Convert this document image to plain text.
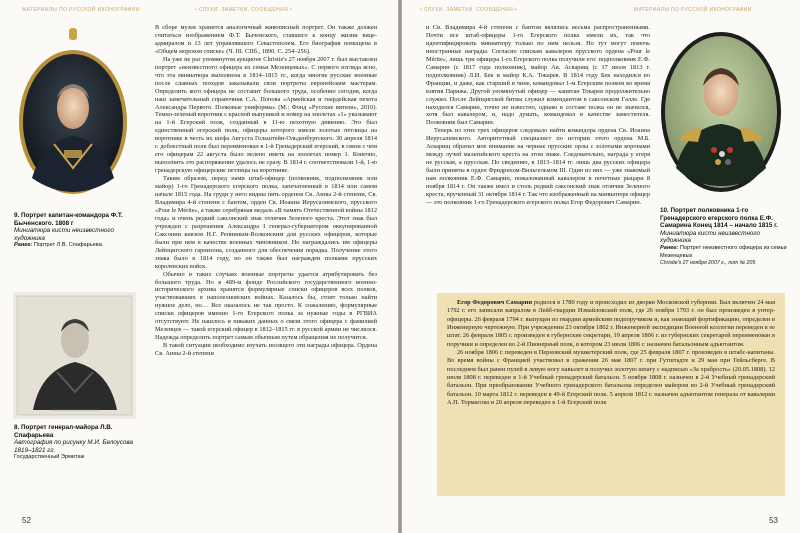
МАТЕРИАЛЫ ПО РУССКОЙ ИКОНОГРАФИИ	• СЛУХИ, ЗАМЕТКИ, СООБЩЕНИЯ •
9. Портрет капитан-командора Ф.Т. Быченского. 1808 г
Миниатюра кисти неизвестного художника
Ранее: Портрет Л.В. Спафарьева.
8. Портрет генерал-майора Л.В. Спафарьева
Автография по рисунку М.И. Белоусова 1819–1821 гг.
Государственный Эрмитаж

В сборе музея хранится аналогичный живописный портрет. Он также должен считаться изображением Ф.Т. Быченского, ставшего к концу жизни вице-адмиралом и 13 лет управлявшего Севастополем. Его биография помещена в «Общем морском списке» (Ч. III. СПб., 1890. С. 254–256).

На уже не раз упомянутом аукционе Christie's 27 ноября 2007 г. был выставлен портрет «неизвестного офицера из семьи Мезенцевых». С первого взгляда ясно, что эта миниатюра выполнена в 1814–1815 гг., когда многие русские военные после славных походов заказывали свои портреты европейским мастерам. Определить кого офицера не составит большого труда, особенно сегодня, когда наш замечательный справочник С.А. Попова «Армейская и гвардейская пехота Александра Первого. Полковые униформы» (М.: Фонд «Русские витязи», 2010). Темно-зеленый воротник с красной выпушкой и номер на эполетах «1» указывают на 1-й Егерский полк, созданный в 11-ю пехотную дивизию. Это был единственный егерский полк, офицеры которого имели золотые петлицы на воротнике в честь их шефа Августа Гольштейн-Ольденбургского. 30 апреля 1814 г. доблестный полк был переименован в 1-й Гренадерский егерский, в связи с чем его офицерам 22 августа было велено иметь на эполетах номер 1. Конечно, выполнить это распоряжение удалось не сразу. В 1814 г. соответствовали 1-й, 1-ю гренадерскую офицерские петлицы на воротнике.

Таким образом, перед нами штаб-офицер (полковник, подполковник или майор) 1-го Гренадерского егерского полка, запечатленный в 1814 или самом начале 1815 года. На груди у него видны пять орденов Св. Анны 2-й степени, Св. Владимира 4-й степени с бантом, орден Св. Иоанна Иерусалимского, прусского «Pour le Mérite», а также серебряная медаль «В память Отечественной войны 1812 года» и очень редкий саксонский знак отличия Зеленого креста. Этот знак был учрежден с разрешения Александра I генерал-губернатором оккупированной Саксонии князем Н.Г. Репниным-Волконским для русских офицеров, которые были при нем в качестве военных чиновников. Но награждались им офицеры Лейпцигского гарнизона, созданного для обеспечения порядка. Получение этого знака было в 1814 году, но он также был награжден полками прусских королевских войск.

Обычно в таких случаях военные портреты удается атрибутировать без большого труда. Но в 489-м фонде Российского государственного военно-исторического архива хранятся формулярные списки офицеров всех полков, участвовавших в наполеоновских войнах. Казалось бы, стоит только найти нужное дело, но… Все оказалось не так просто. К сожалению, формулярные списки офицеров именно 1-го Егерского полка за нужные годы в РГВИА отсутствуют. Не нашлось и никаких данных о связи этого офицера с фамилией Мезенцев — такой егерский офицер в 1812–1815 гг. в русской армии не числился. Надежда определить портрет самым обычным путем обращения не получится.

В такой ситуации необходимо изучать носящего эти награды офицера. Ордена Св. Анны 2-й степени

52
• СЛУХИ, ЗАМЕТКИ, СООБЩЕНИЯ •	МАТЕРИАЛЫ ПО РУССКОЙ ИКОНОГРАФИИ

и Св. Владимира 4-й степени с бантом являлись весьма распространенными. Почти все штаб-офицеры 1-го Егерского полка имели их, так что идентифицировать миниатюру только по ним нельзя. Но тут могут помочь иностранные награды. Согласно спискам кавалеров прусского ордена «Pour le Mérite», лишь три офицера 1-го Егерского полка получили его: подполковник Е.Ф. Самарин (с 1817 года полковник), майор Ав. Асварищ (с 17 июля 1813 г. подполковник) Л.И. Бек и майор К.А. Токарев. В 1814 году Бек находился во Франции, и даже, как старший в чине, командовал 1-м Егерским полком во время взятия Парижа. Другой упомянутый офицер — капитан Токарев продолжительно служил. После Лейпцигской битвы служил комендантом в саксонском Галле. Где находился Самарин, точно не известно, однако в составе полка он не значился, хотя был кавалером, и, надо думать, командовал в качестве заместителя. Полковник был Самарин.

Теперь из этих трех офицеров следовало найти командора ордена Св. Иоанна Иерусалимского. Авторитетный специалист по истории этого ордена М.Б. Асварищ обратил мое внимание на черные прусские орлы с золотыми коронами между лучей мальтийского креста на этом знаке. Следовательно, награда у егеря не русская, а прусская. По сведению, в 1813–1814 гг. лишь два русских офицера были приняты в орден Фридрихом-Вильгельмом III. Один из них — уже знакомый нам полковник Е.Ф. Самарин, пожалованный кавалером в почетные рыцари 8 ноября 1814 г. Он также имел и столь редкий саксонский знак отличия Зеленого креста, врученный 31 октября 1814 г. Так что изображенный на миниатюре офицер — это полковник 1-го Гренадерского егерского полка Егор Федорович Самарин.

10. Портрет полковника 1-го Гренадерского егерского полка Е.Ф. Самарина Конец 1814 – начало 1815 г.
Миниатюра кисти неизвестного художника
Ранее: Портрет неизвестного офицера из семьи Мезенцевых
Christie's 27 ноября 2007 г., лот № 205
53

Егор Федорович Самарин родился в 1780 году и происходил из дворян Московской губернии. Был включен 24 мая 1792 г. его записали капралом в Лейб-гвардии Измайловский полк, где 26 ноября 1793 г. он был произведен в унтер-офицеры. 26 февраля 1794 г. выпущен из гвардии армейским подпоручиком и, как знающий фортификацию, определен в Инженерную чертежную. При учреждении 23 октября 1802 г. Инженерной экспедиции Военной коллегии переведен в ее штат. 26 февраля 1805 г. произведен в губернские секретари, 19 апреля 1806 г. из губернских секретарей переименован в поручики и определен во 2-й Пионерный полк, в котором 23 июля 1806 г. назначен батальонным адъютантом.

26 ноября 1806 г. переведен в Перновский мушкетерский полк, где 25 февраля 1807 г. произведен в штабс-капитаны. Во время войны с Францией участвовал в сражении 26 мая 1807 г. при Гутштадте и 29 мая при Гейльсберге. В последнем был ранен пулей в левую ногу навылет и получил золотую шпагу с надписью «За храбрость» (20.05.1808). 12 июля 1808 г. переведен в 1-й Учебный гренадерский батальон. 5 ноября 1808 г. назначен в 2-й Учебный гренадерский батальон. При преобразовании Учебного гренадерского батальона определен майором во 2-й Учебный гренадерский батальон. 10 марта 1812 г. переведен в 49-й Егерский полк. 5 апреля 1812 г. назначен адъютантом генерала от кавалерии А.П. Тормасова и 20 апреля переведен в 1-й Егерский полк
